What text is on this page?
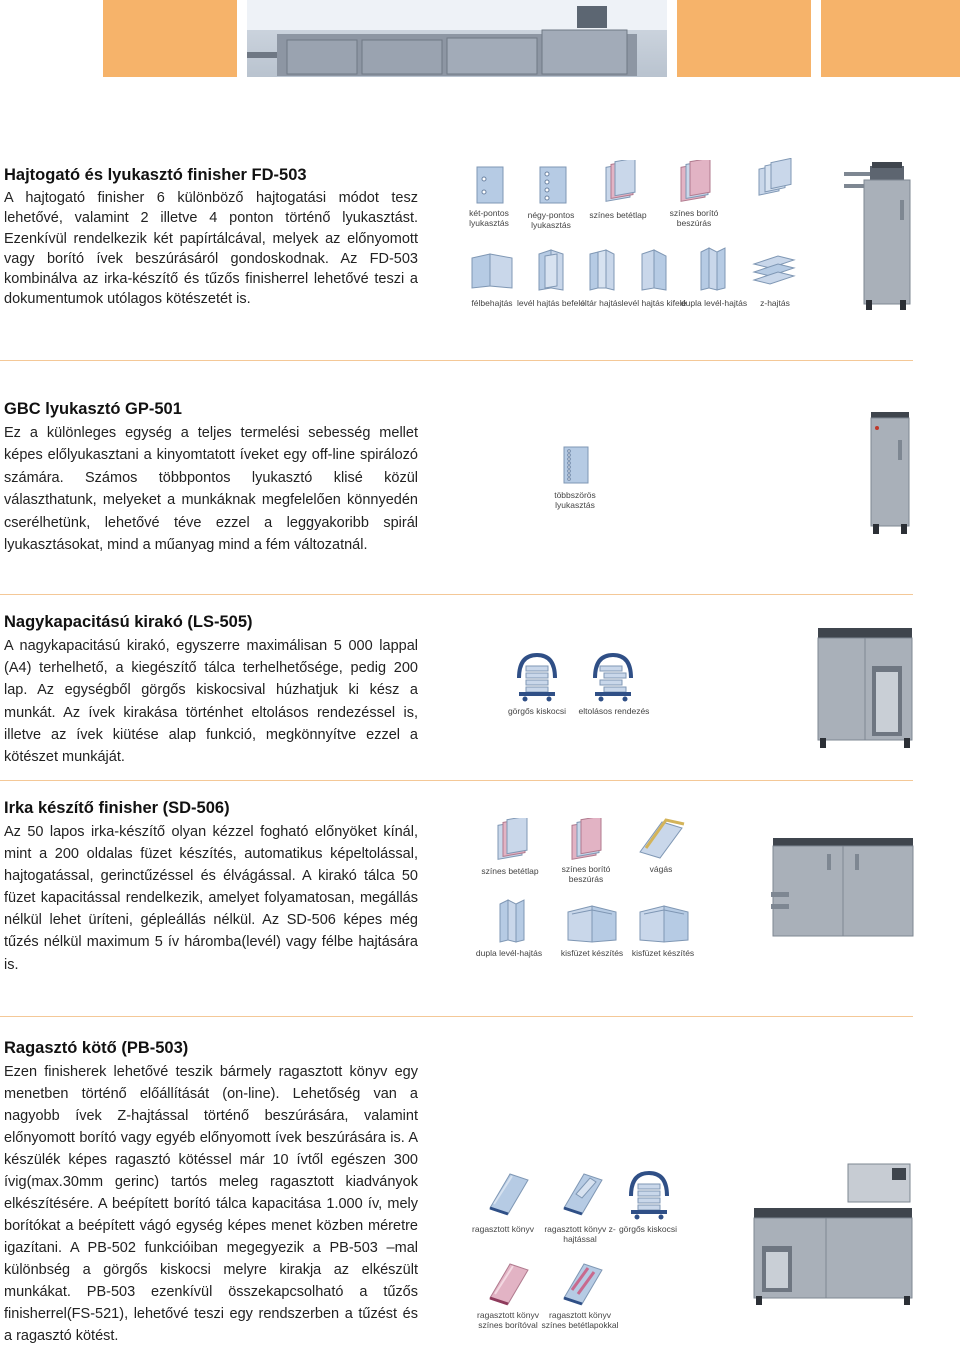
Hajtogató és lyukasztó finisher FD-503

A hajtogató finisher 6 különböző hajtogatási módot tesz lehetővé, valamint 2 illetve 4 ponton történő lyukasztást. Ezenkívül rendelkezik két papírtálcával, melyek az előnyomott vagy borító ívek beszúrásáról gondoskodnak. Az FD-503 kombinálva az irka-készítő és tűzős finisherrel lehetővé teszi a dokumentumok utólagos kötészetét is.

két-pontos lyukasztás
négy-pontos lyukasztás
színes betétlap	színes borító beszúrás
félbehajtás levél hajtás befelé
oltár hajtás levél hajtás kifelé
dupla levél-hajtás	z-hajtás
GBC lyukasztó GP-501

Ez a különleges egység a teljes termelési sebesség mellet képes előlyukasztani a kinyomtatott íveket egy off-line spirálozó számára. Számos többpontos lyukasztó klisé közül választhatunk, melyeket a munkáknak megfelelően könnyedén cserélhetünk, lehetővé téve ezzel a leggyakoribb spirál lyukasztásokat, mind a műanyag mind a fém változatnál.

többszörös lyukasztás
Nagykapacitású kirakó (LS-505)

A nagykapacitású kirakó, egyszerre maximálisan 5 000 lappal (A4) terhelhető, a kiegészítő tálca terhelhetősége, pedig 200 lap. Az egységből görgős kiskocsival húzhatjuk ki kész a munkát. Az ívek kirakása történhet eltolásos rendezéssel is, illetve az ívek kiütése alap funkció, megkönnyítve ezzel a kötészet munkáját.

görgős kiskocsi	eltolásos rendezés
Irka készítő finisher (SD-506)

Az 50 lapos irka-készítő olyan kézzel fogható előnyöket kínál, mint a 200 oldalas füzet készítés, automatikus képeltolással, hajtogatással, gerinctűzéssel és élvágással. A kirakó tálca 50 füzet kapacitással rendelkezik, amelyet folyamatosan, megállás nélkül lehet üríteni, gépleállás nélkül. Az SD-506 képes még tűzés nélkül maximum 5 ív háromba(levél) vagy félbe hajtására is.

színes betétlap	színes borító beszúrás
vágás
dupla levél-hajtás	kisfüzet készítés	kisfüzet készítés
Ragasztó kötő (PB-503)

Ezen finisherek lehetővé teszik bármely ragasztott könyv egy menetben történő előállítását (on-line). Lehetőség van a nagyobb ívek Z-hajtással történő beszúrására, valamint előnyomott borító vagy egyéb előnyomott ívek beszúrására is. A készülék képes ragasztó kötéssel már 10 ívtől egészen 300 ívig(max.30mm gerinc) tartós meleg ragasztott kiadványok elkészítésére. A beépített borító tálca kapacitása 1.000 ív, mely borítókat a beépített vágó egység képes menet közben méretre igazítani. A PB-502 funkcióiban megegyezik a PB-503 –mal különbség a görgős kiskocsi melyre kirakja az elkészült munkákat. PB-503 ezenkívül összekapcsolható a tűzős finisherrel(FS-521), lehetővé teszi egy rendszerben a tűzést és a ragasztó kötést.

ragasztott könyv	ragasztott könyv z-hajtással
görgős kiskocsi
ragasztott könyv színes borítóval
ragasztott könyv színes betétlapokkal
